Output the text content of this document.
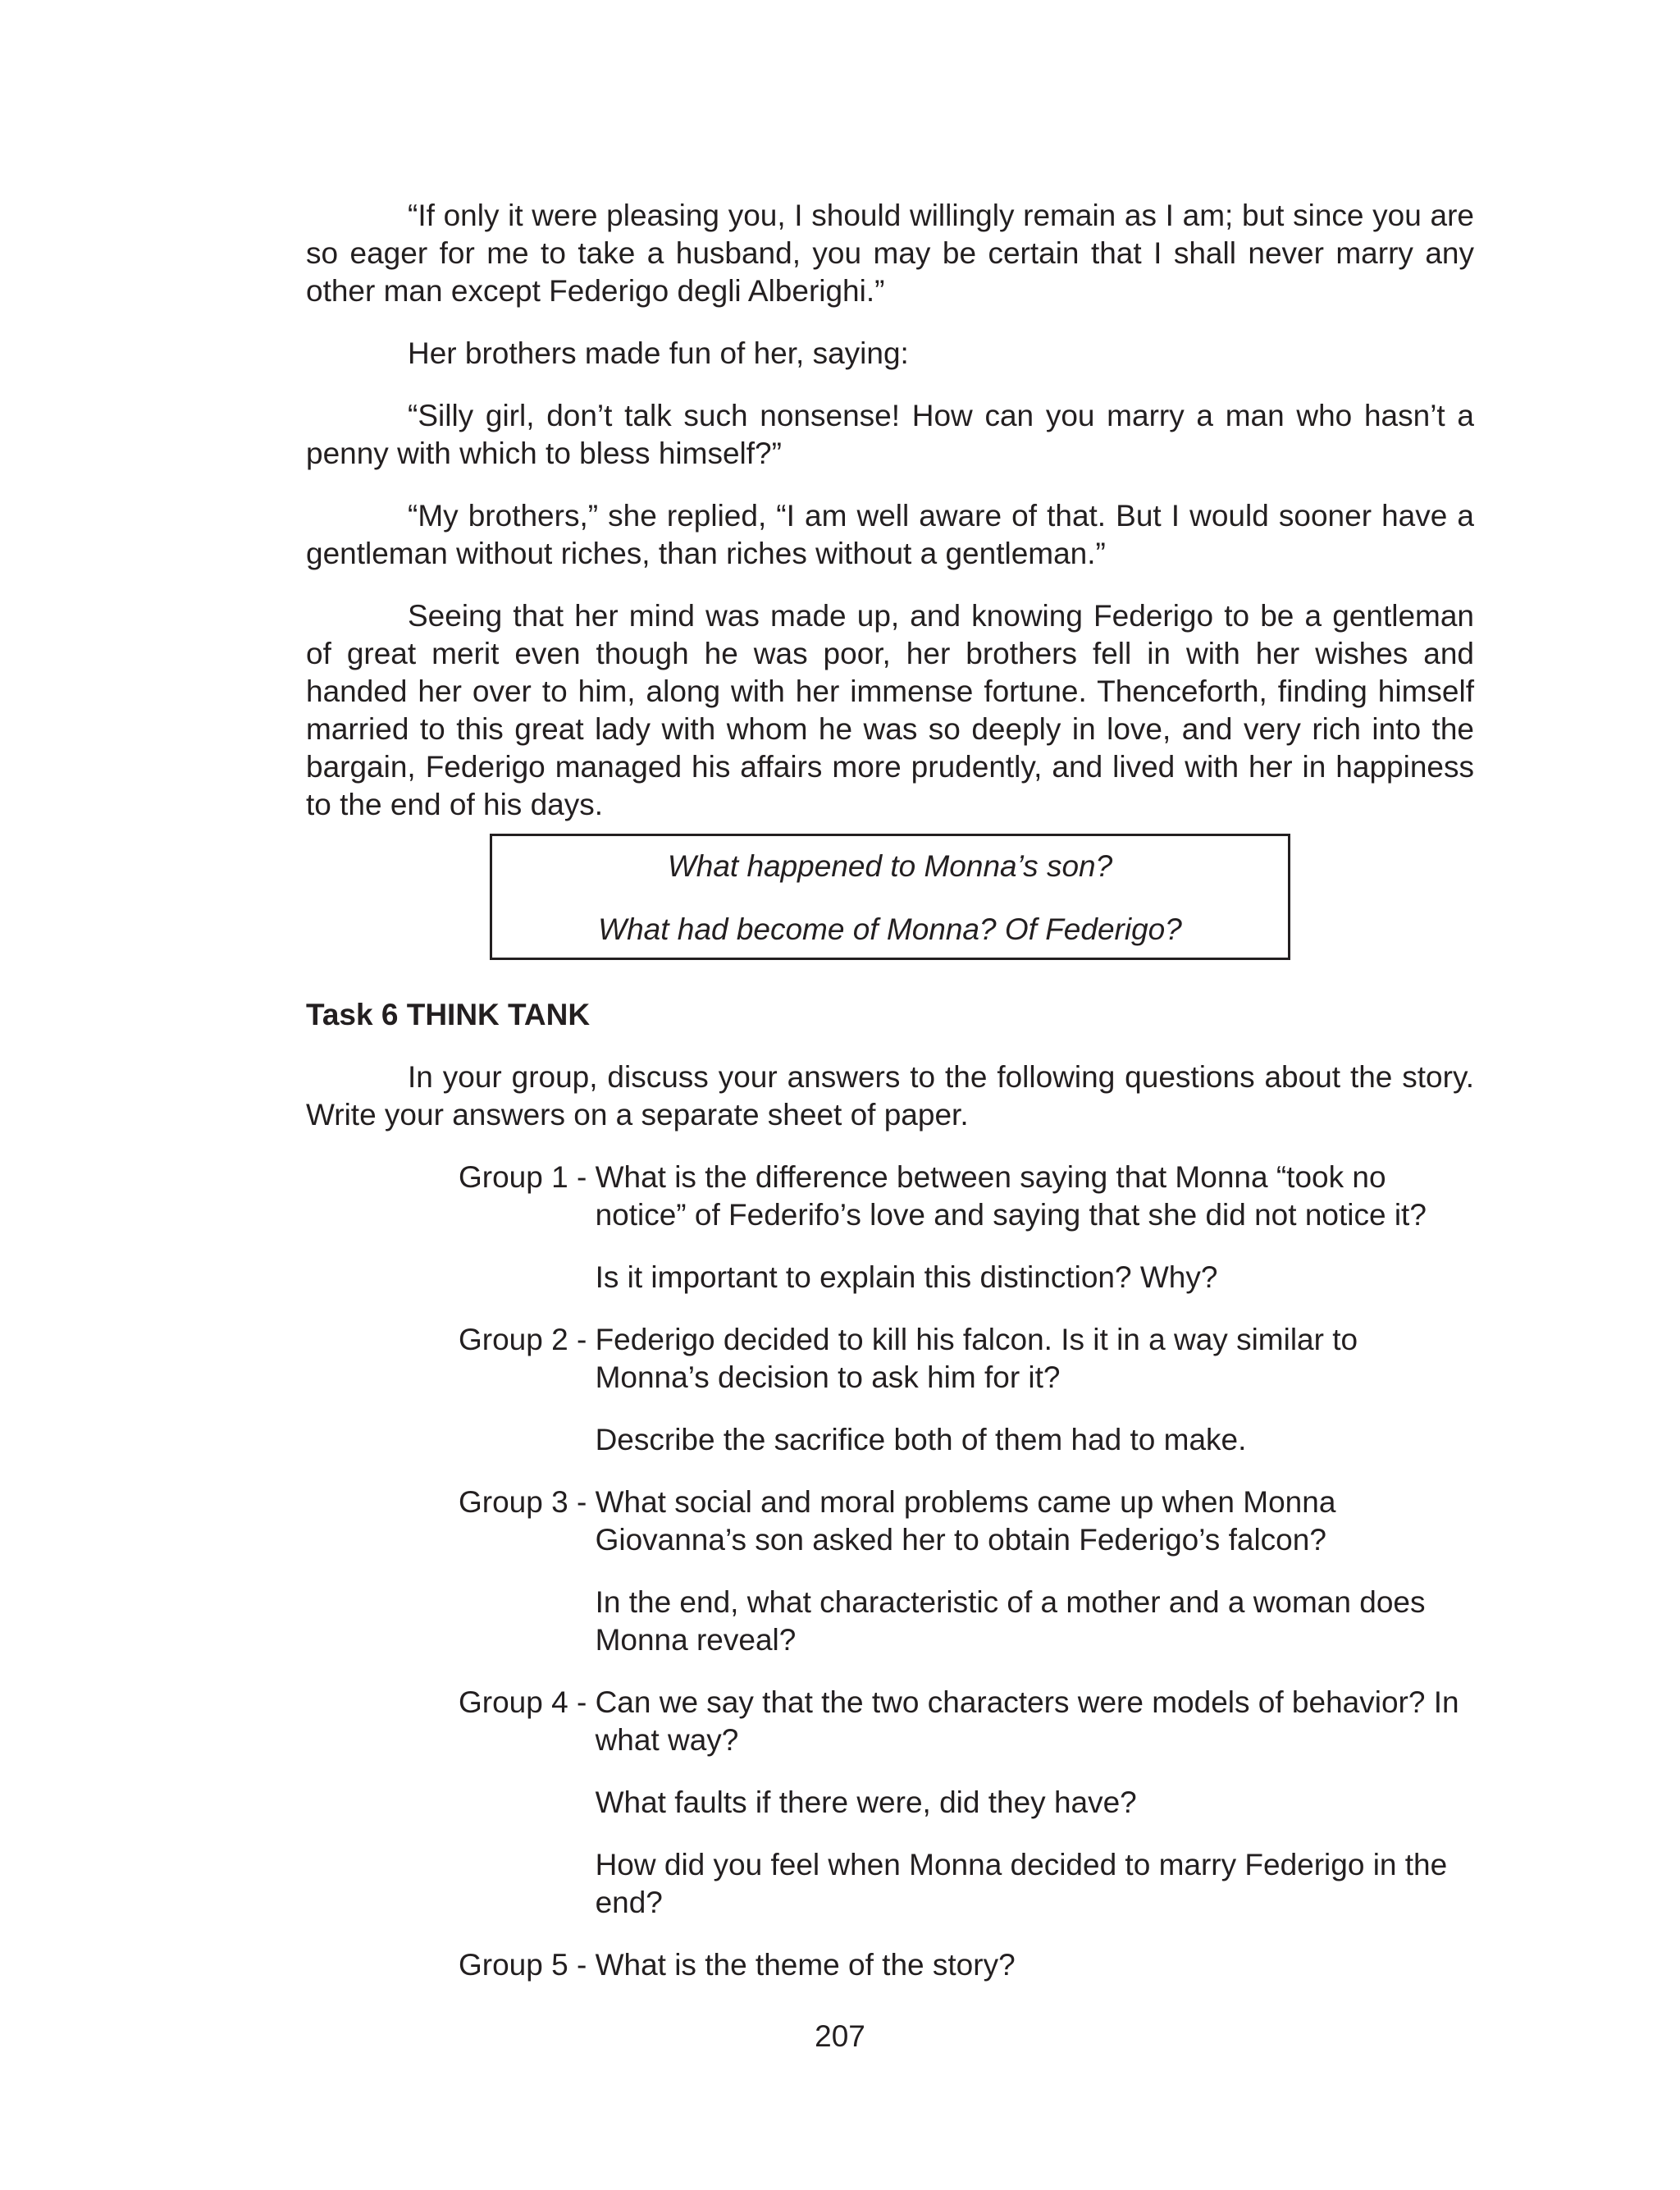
“If only it were pleasing you, I should willingly remain as I am; but since you are so eager for me to take a husband, you may be certain that I shall never marry any other man except Federigo degli Alberighi.”

Her brothers made fun of her, saying:

“Silly girl, don’t talk such nonsense! How can you marry a man who hasn’t a penny with which to bless himself?”

“My brothers,” she replied, “I am well aware of that. But I would sooner have a gentleman without riches, than riches without a gentleman.”

Seeing that her mind was made up, and knowing Federigo to be a gentleman of great merit even though he was poor, her brothers fell in with her wishes and handed her over to him, along with her immense fortune. Thenceforth, finding himself married to this great lady with whom he was so deeply in love, and very rich into the bargain, Federigo managed his affairs more prudently, and lived with her in happiness to the end of his days.

What happened to Monna’s son?

What had become of Monna? Of Federigo?

Task 6 THINK TANK

In your group, discuss your answers to the following questions about the story. Write your answers on a separate sheet of paper.

Group 1 - What is the difference between saying that Monna “took no notice” of Federifo’s love and saying that she did not notice it?

Is it important to explain this distinction? Why?

Group 2 - Federigo decided to kill his falcon. Is it in a way similar to Monna’s decision to ask him for it?

Describe the sacrifice both of them had to make.

Group 3 - What social and moral problems came up when Monna Giovanna’s son asked her to obtain Federigo’s falcon?

In the end, what characteristic of a mother and a woman does Monna reveal?

Group 4 - Can we say that the two characters were models of behavior? In what way?

What faults if there were, did they have?

How did you feel when Monna decided to marry Federigo in the end?

Group 5 - What is the theme of the story?

207
